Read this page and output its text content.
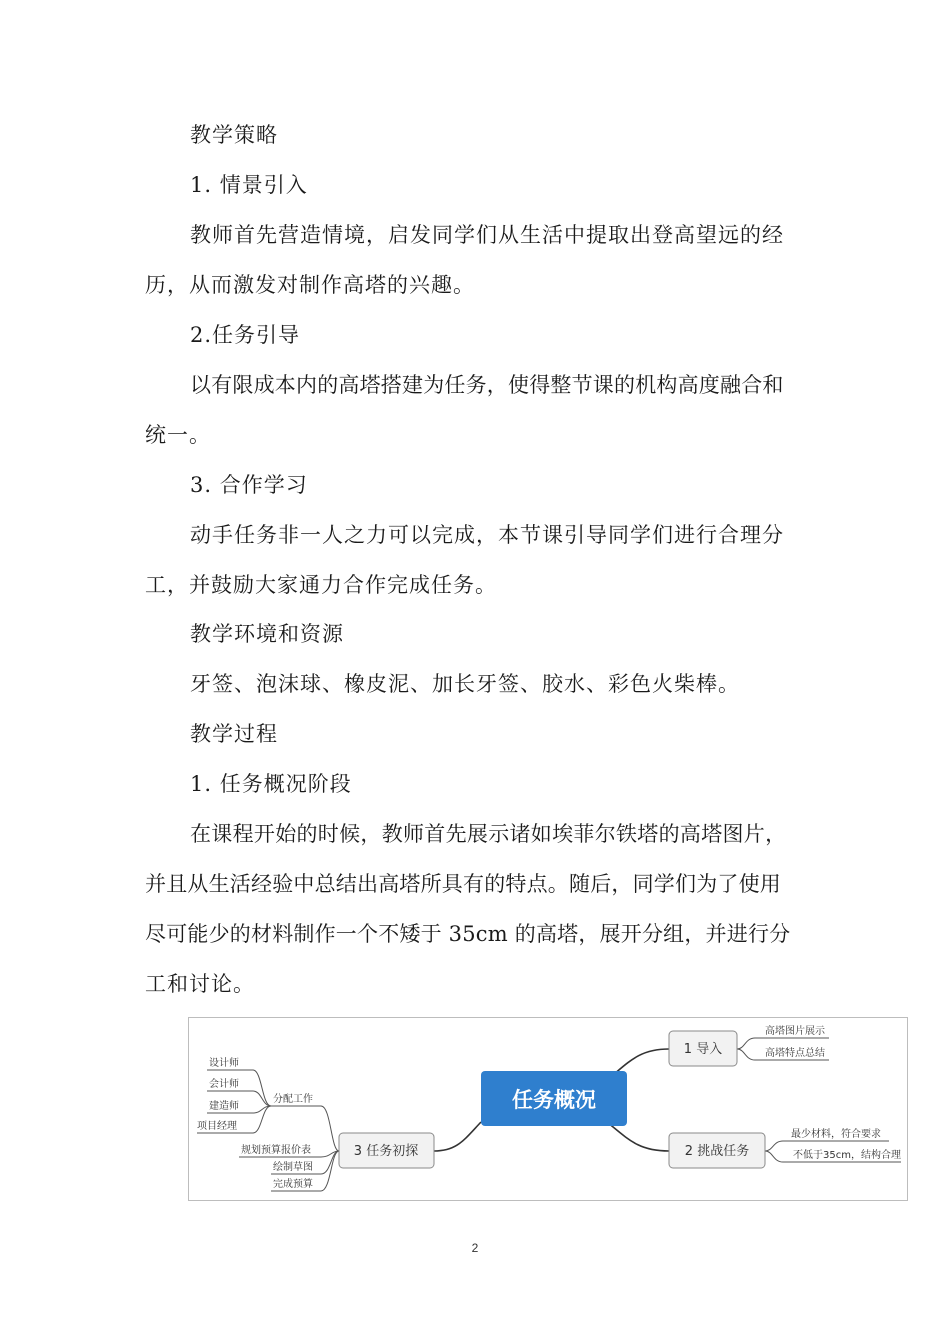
教学策略
1. 情景引入
教师首先营造情境，启发同学们从生活中提取出登高望远的经
历，从而激发对制作高塔的兴趣。
2.任务引导
以有限成本内的高塔搭建为任务，使得整节课的机构高度融合和
统一。
3. 合作学习
动手任务非一人之力可以完成，本节课引导同学们进行合理分
工，并鼓励大家通力合作完成任务。
教学环境和资源
牙签、泡沫球、橡皮泥、加长牙签、胶水、彩色火柴棒。
教学过程
1. 任务概况阶段
在课程开始的时候，教师首先展示诸如埃菲尔铁塔的高塔图片，
并且从生活经验中总结出高塔所具有的特点。随后，同学们为了使用
尽可能少的材料制作一个不矮于 35cm 的高塔，展开分组，并进行分
工和讨论。
任务概况
1 导入
高塔图片展示
高塔特点总结
2 挑战任务
最少材料，符合要求
不低于35cm，结构合理
3 任务初探
分配工作
规划预算报价表
绘制草图
完成预算
设计师
会计师
建造师
项目经理
2
